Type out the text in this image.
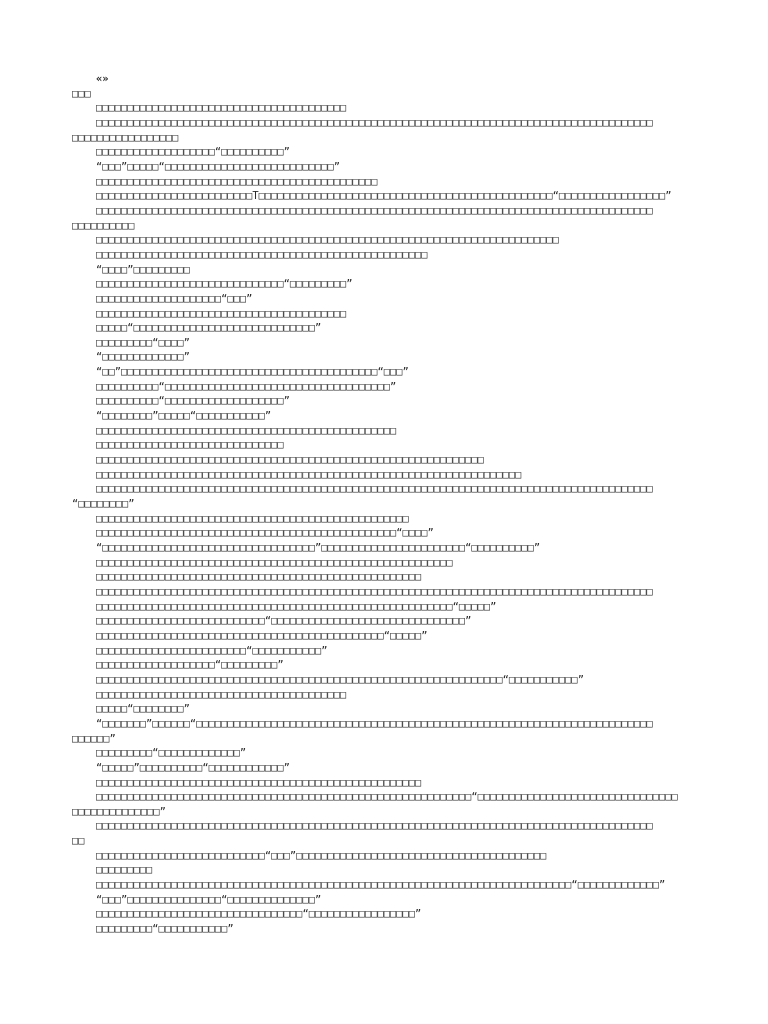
«»
□□□
□□□□□□□□□□□□□□□□□□□□□□□□□□□□□□□□□□□□□□□□
□□□□□□□□□□□□□□□□□□□□□□□□□□□□□□□□□□□□□□□□□□□□□□□□□□□□□□□□□□□□□□□□□□□□□□□□□□□□□□□□□□□□□□□□□
□□□□□□□□□□□□□□□□□
□□□□□□□□□□□□□□□□□□□“□□□□□□□□□□”
“□□□”□□□□□“□□□□□□□□□□□□□□□□□□□□□□□□□□□”
□□□□□□□□□□□□□□□□□□□□□□□□□□□□□□□□□□□□□□□□□□□□□
□□□□□□□□□□□□□□□□□□□□□□□□□T□□□□□□□□□□□□□□□□□□□□□□□□□□□□□□□□□□□□□□□□□□□□□□□“□□□□□□□□□□□□□□□□□”
□□□□□□□□□□□□□□□□□□□□□□□□□□□□□□□□□□□□□□□□□□□□□□□□□□□□□□□□□□□□□□□□□□□□□□□□□□□□□□□□□□□□□□□□□
□□□□□□□□□□
□□□□□□□□□□□□□□□□□□□□□□□□□□□□□□□□□□□□□□□□□□□□□□□□□□□□□□□□□□□□□□□□□□□□□□□□□□
□□□□□□□□□□□□□□□□□□□□□□□□□□□□□□□□□□□□□□□□□□□□□□□□□□□□□
“□□□□”□□□□□□□□□
□□□□□□□□□□□□□□□□□□□□□□□□□□□□□□“□□□□□□□□□”
□□□□□□□□□□□□□□□□□□□□“□□□”
□□□□□□□□□□□□□□□□□□□□□□□□□□□□□□□□□□□□□□□□
□□□□□“□□□□□□□□□□□□□□□□□□□□□□□□□□□□□”
□□□□□□□□□“□□□□”
“□□□□□□□□□□□□□”
“□□”□□□□□□□□□□□□□□□□□□□□□□□□□□□□□□□□□□□□□□□□□“□□□”
□□□□□□□□□□“□□□□□□□□□□□□□□□□□□□□□□□□□□□□□□□□□□□□”
□□□□□□□□□□“□□□□□□□□□□□□□□□□□□□”
“□□□□□□□□”□□□□□“□□□□□□□□□□□”
□□□□□□□□□□□□□□□□□□□□□□□□□□□□□□□□□□□□□□□□□□□□□□□□
□□□□□□□□□□□□□□□□□□□□□□□□□□□□□□
□□□□□□□□□□□□□□□□□□□□□□□□□□□□□□□□□□□□□□□□□□□□□□□□□□□□□□□□□□□□□□
□□□□□□□□□□□□□□□□□□□□□□□□□□□□□□□□□□□□□□□□□□□□□□□□□□□□□□□□□□□□□□□□□□□□
□□□□□□□□□□□□□□□□□□□□□□□□□□□□□□□□□□□□□□□□□□□□□□□□□□□□□□□□□□□□□□□□□□□□□□□□□□□□□□□□□□□□□□□□□
“□□□□□□□□”
□□□□□□□□□□□□□□□□□□□□□□□□□□□□□□□□□□□□□□□□□□□□□□□□□□
□□□□□□□□□□□□□□□□□□□□□□□□□□□□□□□□□□□□□□□□□□□□□□□□“□□□□”
“□□□□□□□□□□□□□□□□□□□□□□□□□□□□□□□□□□”□□□□□□□□□□□□□□□□□□□□□□□“□□□□□□□□□□”
□□□□□□□□□□□□□□□□□□□□□□□□□□□□□□□□□□□□□□□□□□□□□□□□□□□□□□□□□
□□□□□□□□□□□□□□□□□□□□□□□□□□□□□□□□□□□□□□□□□□□□□□□□□□□□
□□□□□□□□□□□□□□□□□□□□□□□□□□□□□□□□□□□□□□□□□□□□□□□□□□□□□□□□□□□□□□□□□□□□□□□□□□□□□□□□□□□□□□□□□
□□□□□□□□□□□□□□□□□□□□□□□□□□□□□□□□□□□□□□□□□□□□□□□□□□□□□□□□□“□□□□□”
□□□□□□□□□□□□□□□□□□□□□□□□□□□“□□□□□□□□□□□□□□□□□□□□□□□□□□□□□□□”
□□□□□□□□□□□□□□□□□□□□□□□□□□□□□□□□□□□□□□□□□□□□□□“□□□□□”
□□□□□□□□□□□□□□□□□□□□□□□□“□□□□□□□□□□□”
□□□□□□□□□□□□□□□□□□□“□□□□□□□□□”
□□□□□□□□□□□□□□□□□□□□□□□□□□□□□□□□□□□□□□□□□□□□□□□□□□□□□□□□□□□□□□□□□“□□□□□□□□□□□”
□□□□□□□□□□□□□□□□□□□□□□□□□□□□□□□□□□□□□□□□
□□□□□“□□□□□□□□”
“□□□□□□□”□□□□□□“□□□□□□□□□□□□□□□□□□□□□□□□□□□□□□□□□□□□□□□□□□□□□□□□□□□□□□□□□□□□□□□□□□□□□□□□□
□□□□□□”
□□□□□□□□□“□□□□□□□□□□□□□”
“□□□□□”□□□□□□□□□□“□□□□□□□□□□□□”
□□□□□□□□□□□□□□□□□□□□□□□□□□□□□□□□□□□□□□□□□□□□□□□□□□□□
□□□□□□□□□□□□□□□□□□□□□□□□□□□□□□□□□□□□□□□□□□□□□□□□□□□□□□□□□□□□“□□□□□□□□□□□□□□□□□□□□□□□□□□□□□□□□
□□□□□□□□□□□□□□”
□□□□□□□□□□□□□□□□□□□□□□□□□□□□□□□□□□□□□□□□□□□□□□□□□□□□□□□□□□□□□□□□□□□□□□□□□□□□□□□□□□□□□□□□□
□□
□□□□□□□□□□□□□□□□□□□□□□□□□□□“□□□”□□□□□□□□□□□□□□□□□□□□□□□□□□□□□□□□□□□□□□□□
□□□□□□□□□
□□□□□□□□□□□□□□□□□□□□□□□□□□□□□□□□□□□□□□□□□□□□□□□□□□□□□□□□□□□□□□□□□□□□□□□□□□□□“□□□□□□□□□□□□□”
“□□□”□□□□□□□□□□□□□□□“□□□□□□□□□□□□□□”
□□□□□□□□□□□□□□□□□□□□□□□□□□□□□□□□□“□□□□□□□□□□□□□□□□□”
□□□□□□□□□“□□□□□□□□□□□”
